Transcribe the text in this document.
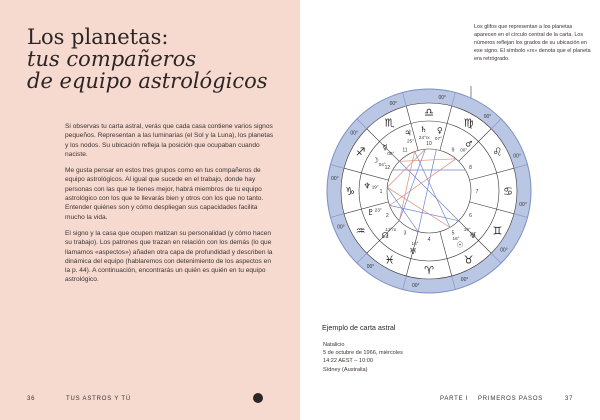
Los planetas:
tus compañeros
de equipo astrológicos

Si observas tu carta astral, verás que cada casa contiene varios signos pequeños. Representan a las luminarias (el Sol y la Luna), los planetas y los nodos. Su ubicación refleja la posición que ocupaban cuando naciste.

Me gusta pensar en estos tres grupos como en tus compañeros de equipo astrológicos. Al igual que sucede en el trabajo, donde hay personas con las que te tienes mejor, habrá miembros de tu equipo astrológico con los que te llevarás bien y otros con los que no tanto. Entender quiénes son y cómo despliegan sus capacidades facilita mucho la vida.

El signo y la casa que ocupen matizan su personalidad (y cómo hacen su trabajo). Los patrones que trazan en relación con los demás (lo que llamamos «aspectos») añaden otra capa de profundidad y describen la dinámica del equipo (hablaremos con detenimiento de los aspectos en la p. 44). A continuación, encontrarás un quién es quién en tu equipo astrológico.

36	TUS ASTROS Y TÚ
Los glifos que representan a los planetas aparecen en el círculo central de la carta. Los números reflejan los grados de su ubicación en ese signo. El símbolo «rx» denota que el planeta era retrógrado.
00°
00°
00°
00°
00°
00°
00°
00°
00°
00°
00°
00°
♑
♒
♓
♈
♉
♊
♋
♌
♍
♎
♏
♐
1
2
3
4
5
6
7
8
9
10
11
12
♀
07°
♄
24°rx
♃
25°
☿
00°
♂
00°
☽ 04°
♆ 19°
♇ 23°
☊
13°rx
♅
16°	☉
16° ♅
19°
Ejemplo de carta astral
Natalicio
5 de octubre de 1966, miércoles
14:22 AEST – 10:00
Sídney (Australia)
PARTE I PRIMEROS PASOS	37
